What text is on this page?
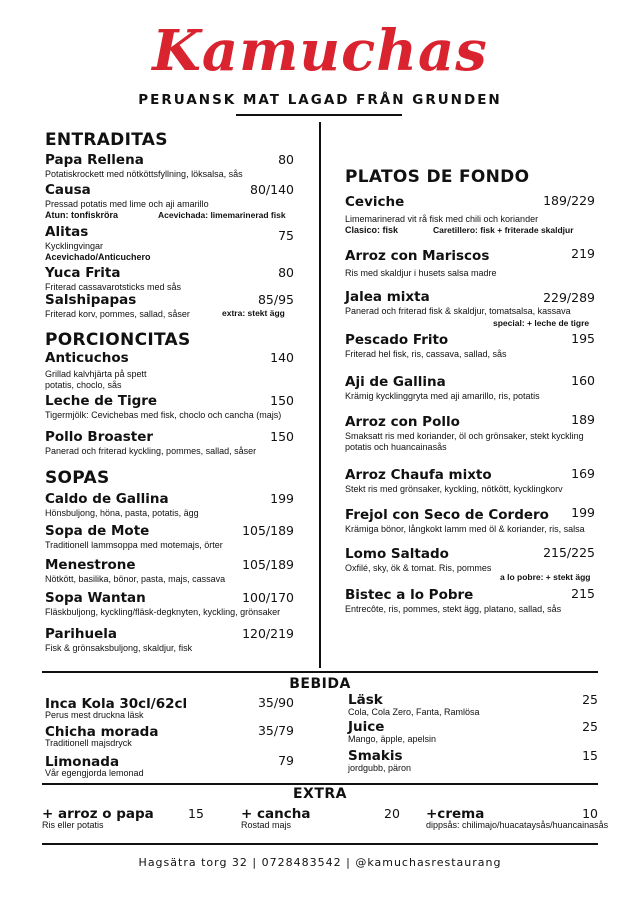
Kamuchas
PERUANSK MAT LAGAD FRÅN GRUNDEN
ENTRADITAS
Papa Rellena
Potatiskrockett med nötköttsfyllning, löksalsa, sås
80
Causa
Pressad potatis med lime och aji amarillo
Atun: tonfiskröra	Acevichada: limemarinerad fisk
80/140
Alitas
Kycklingvingar
Acevichado/Anticuchero
75
Yuca Frita
Friterad cassavarotsticks med sås
80
Salshipapas
Friterad korv, pommes, sallad, såser	extra: stekt ägg
85/95
PORCIONCITAS
Anticuchos
Grillad kalvhjärta på spett
potatis, choclo, sås
140
Leche de Tigre
Tigermjölk: Cevichebas med fisk, choclo och cancha (majs)
150
Pollo Broaster
Panerad och friterad kyckling, pommes, sallad, såser
150
SOPAS
Caldo de Gallina
Hönsbuljong, höna, pasta, potatis, ägg
199
Sopa de Mote
Traditionell lammsoppa med motemajs, örter
105/189
Menestrone
Nötkött, basilika, bönor, pasta, majs, cassava
105/189
Sopa Wantan
Fläskbuljong, kyckling/fläsk-degknyten, kyckling, grönsaker
100/170
Parihuela
Fisk & grönsaksbuljong, skaldjur, fisk
120/219
PLATOS DE FONDO
Ceviche
Limemarinerad vit rå fisk med chili och koriander
Clasico: fisk	Caretillero: fisk + friterade skaldjur
189/229
Arroz con Mariscos
Ris med skaldjur i husets salsa madre
219
Jalea mixta
Panerad och friterad fisk & skaldjur, tomatsalsa, kassava
special: + leche de tigre
229/289
Pescado Frito
Friterad hel fisk, ris, cassava, sallad, sås
195
Aji de Gallina
Krämig kycklinggryta med aji amarillo, ris, potatis
160
Arroz con Pollo
Smaksatt ris med koriander, öl och grönsaker, stekt kyckling
potatis och huancainasås
189
Arroz Chaufa mixto
Stekt ris med grönsaker, kyckling, nötkött, kycklingkorv
169
Frejol con Seco de Cordero
Krämiga bönor, långkokt lamm med öl & koriander, ris, salsa
199
Lomo Saltado
Oxfilé, sky, ök & tomat. Ris, pommes
a lo pobre: + stekt ägg
215/225
Bistec a lo Pobre
Entrecôte, ris, pommes, stekt ägg, platano, sallad, sås
215
BEBIDA
Inca Kola 30cl/62cl
Perus mest druckna läsk
35/90
Chicha morada
Traditionell majsdryck
35/79
Limonada
Vår egengjorda lemonad
79
Läsk
Cola, Cola Zero, Fanta, Ramlösa
25
Juice
Mango, äpple, apelsin
25
Smakis
jordgubb, päron
15
EXTRA
+ arroz o papa
Ris eller potatis
15	+ cancha
Rostad majs
20 +crema
dippsås: chilimajo/huacataysås/huancainasås
10
Hagsätra torg 32 | 0728483542 | @kamuchasrestaurang
